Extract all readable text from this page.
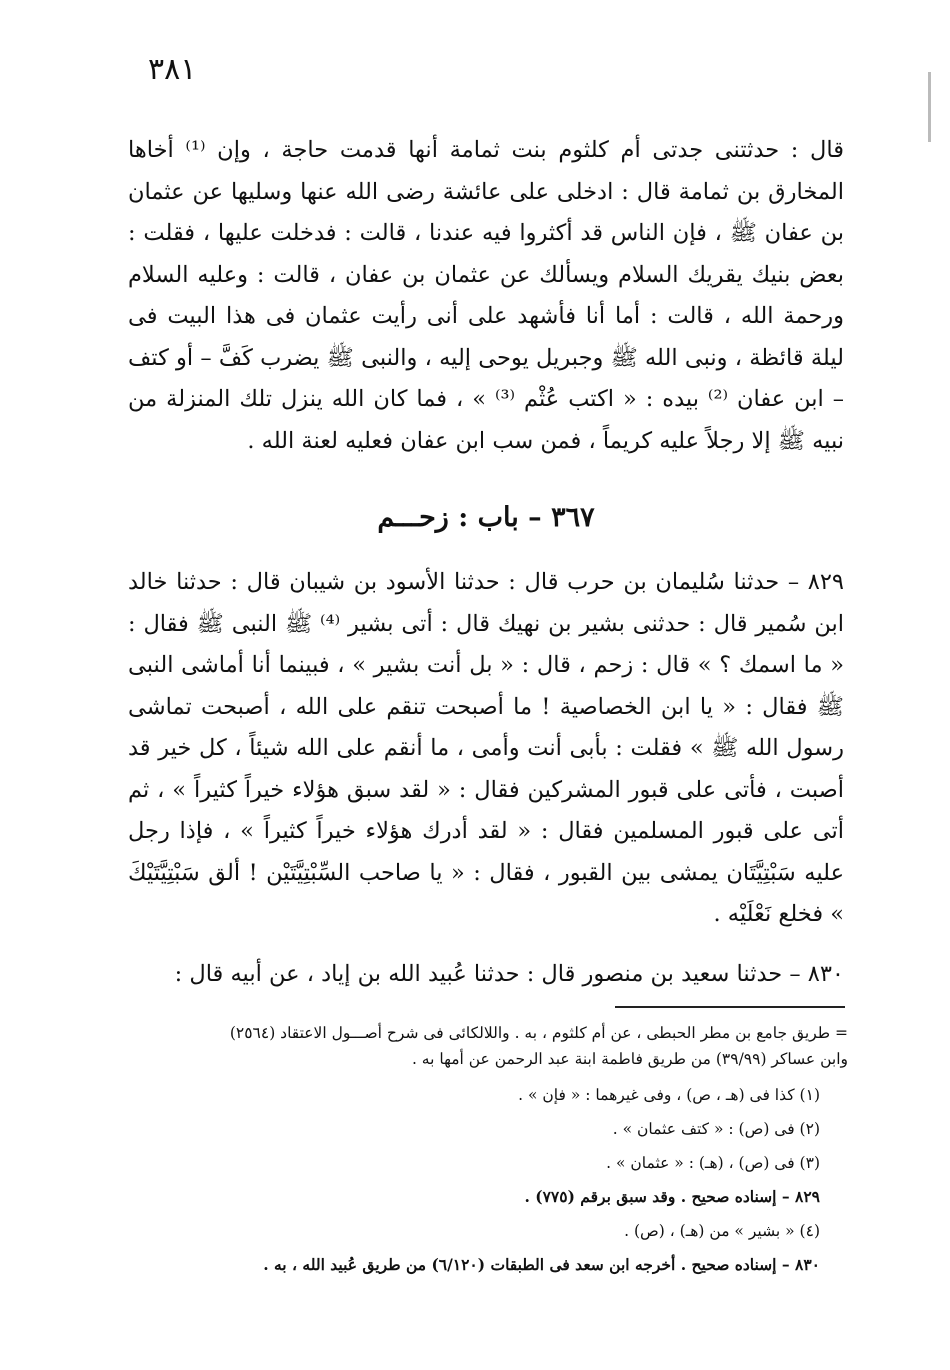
٣٨١

قال : حدثتنى جدتى أم كلثوم بنت ثمامة أنها قدمت حاجة ، وإن ⁽¹⁾ أخاها المخارق بن ثمامة قال : ادخلى على عائشة رضى الله عنها وسليها عن عثمان بن عفان ﷺ ، فإن الناس قد أكثروا فيه عندنا ، قالت : فدخلت عليها ، فقلت : بعض بنيك يقريك السلام ويسألك عن عثمان بن عفان ، قالت : وعليه السلام ورحمة الله ، قالت : أما أنا فأشهد على أنى رأيت عثمان فى هذا البيت فى ليلة قائظة ، ونبى الله ﷺ وجبريل يوحى إليه ، والنبى ﷺ يضرب كَفَّ – أو كتف – ابن عفان ⁽²⁾ بيده : « اكتب عُثْم ⁽³⁾ » ، فما كان الله ينزل تلك المنزلة من نبيه ﷺ إلا رجلاً عليه كريماً ، فمن سب ابن عفان فعليه لعنة الله .

٣٦٧ – باب : زحـــم

٨٢٩ – حدثنا سُليمان بن حرب قال : حدثنا الأسود بن شيبان قال : حدثنا خالد ابن سُمير قال : حدثنى بشير بن نهيك قال : أتى بشير ⁽⁴⁾ ﷺ النبى ﷺ فقال : « ما اسمك ؟ » قال : زحم ، قال : « بل أنت بشير » ، فبينما أنا أماشى النبى ﷺ فقال : « يا ابن الخصاصية ! ما أصبحت تنقم على الله ، أصبحت تماشى رسول الله ﷺ » فقلت : بأبى أنت وأمى ، ما أنقم على الله شيئاً ، كل خير قد أصبت ، فأتى على قبور المشركين فقال : « لقد سبق هؤلاء خيراً كثيراً » ، ثم أتى على قبور المسلمين فقال : « لقد أدرك هؤلاء خيراً كثيراً » ، فإذا رجل عليه سَبْتِيَّتَان يمشى بين القبور ، فقال : « يا صاحب السِّبْتِيَّتَيْن ! ألق سَبْتِيَّتَيْكَ » فخلع نَعْلَيْه .

٨٣٠ – حدثنا سعيد بن منصور قال : حدثنا عُبيد الله بن إياد ، عن أبيه قال :

= طريق جامع بن مطر الحبطى ، عن أم كلثوم ، به . واللالكائى فى شرح أصـــول الاعتقاد (٢٥٦٤)

وابن عساكر (٣٩/٩٩) من طريق فاطمة ابنة عبد الرحمن عن أمها به .

(١) كذا فى (هـ ، ص) ، وفى غيرهما : « فإن » .

(٢) فى (ص) : « كتف عثمان » .

(٣) فى (ص) ، (هـ) : « عثمان » .

٨٢٩ – إسناده صحيح . وقد سبق برقم (٧٧٥) .

(٤) « بشير » من (هـ) ، (ص) .

٨٣٠ – إسناده صحيح . أخرجه ابن سعد فى الطبقات (٦/١٢٠) من طريق عُبيد الله ، به .
